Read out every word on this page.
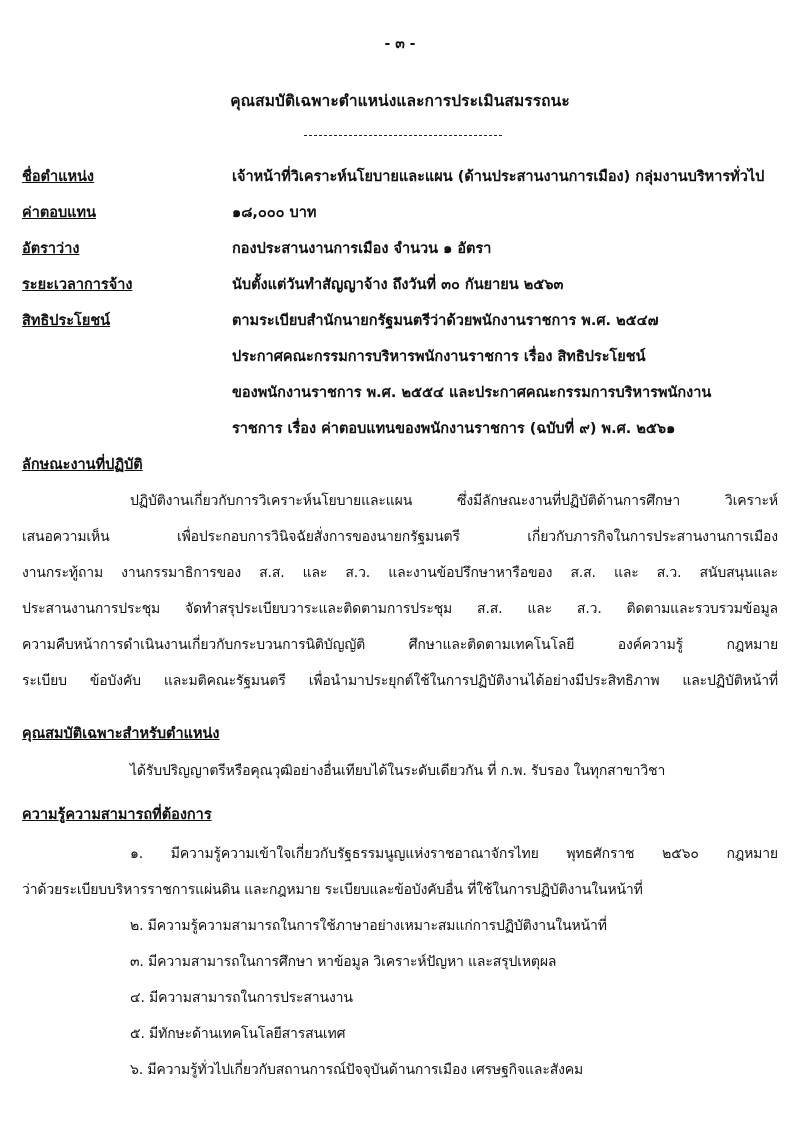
- ๓ -
คุณสมบัติเฉพาะตำแหน่งและการประเมินสมรรถนะ
ชื่อตำแหน่ง	เจ้าหน้าที่วิเคราะห์นโยบายและแผน (ด้านประสานงานการเมือง) กลุ่มงานบริหารทั่วไป
ค่าตอบแทน	๑๘,๐๐๐ บาท
อัตราว่าง	กองประสานงานการเมือง จำนวน ๑ อัตรา
ระยะเวลาการจ้าง	นับตั้งแต่วันทำสัญญาจ้าง ถึงวันที่ ๓๐ กันยายน ๒๕๖๓
สิทธิประโยชน์	ตามระเบียบสำนักนายกรัฐมนตรีว่าด้วยพนักงานราชการ พ.ศ. ๒๕๔๗
ประกาศคณะกรรมการบริหารพนักงานราชการ เรื่อง สิทธิประโยชน์
ของพนักงานราชการ พ.ศ. ๒๕๕๔ และประกาศคณะกรรมการบริหารพนักงาน
ราชการ เรื่อง ค่าตอบแทนของพนักงานราชการ (ฉบับที่ ๙) พ.ศ. ๒๕๖๑
ลักษณะงานที่ปฏิบัติ
ปฏิบัติงานเกี่ยวกับการวิเคราะห์นโยบายและแผน ซึ่งมีลักษณะงานที่ปฏิบัติด้านการศึกษา วิเคราะห์
เสนอความเห็น เพื่อประกอบการวินิจฉัยสั่งการของนายกรัฐมนตรี เกี่ยวกับภารกิจในการประสานงานการเมือง
งานกระทู้ถาม งานกรรมาธิการของ ส.ส. และ ส.ว. และงานข้อปรึกษาหารือของ ส.ส. และ ส.ว. สนับสนุนและ
ประสานงานการประชุม จัดทำสรุประเบียบวาระและติดตามการประชุม ส.ส. และ ส.ว. ติดตามและรวบรวมข้อมูล
ความคืบหน้าการดำเนินงานเกี่ยวกับกระบวนการนิติบัญญัติ ศึกษาและติดตามเทคโนโลยี องค์ความรู้ กฎหมาย
ระเบียบ ข้อบังคับ และมติคณะรัฐมนตรี เพื่อนำมาประยุกต์ใช้ในการปฏิบัติงานได้อย่างมีประสิทธิภาพ และปฏิบัติหน้าที่
คุณสมบัติเฉพาะสำหรับตำแหน่ง
ได้รับปริญญาตรีหรือคุณวุฒิอย่างอื่นเทียบได้ในระดับเดียวกัน ที่ ก.พ. รับรอง ในทุกสาขาวิชา
ความรู้ความสามารถที่ต้องการ
๑. มีความรู้ความเข้าใจเกี่ยวกับรัฐธรรมนูญแห่งราชอาณาจักรไทย พุทธศักราช ๒๕๖๐ กฎหมาย
ว่าด้วยระเบียบบริหารราชการแผ่นดิน และกฎหมาย ระเบียบและข้อบังคับอื่น ที่ใช้ในการปฏิบัติงานในหน้าที่
๒. มีความรู้ความสามารถในการใช้ภาษาอย่างเหมาะสมแก่การปฏิบัติงานในหน้าที่
๓. มีความสามารถในการศึกษา หาข้อมูล วิเคราะห์ปัญหา และสรุปเหตุผล
๔. มีความสามารถในการประสานงาน
๕. มีทักษะด้านเทคโนโลยีสารสนเทศ
๖. มีความรู้ทั่วไปเกี่ยวกับสถานการณ์ปัจจุบันด้านการเมือง เศรษฐกิจและสังคม
